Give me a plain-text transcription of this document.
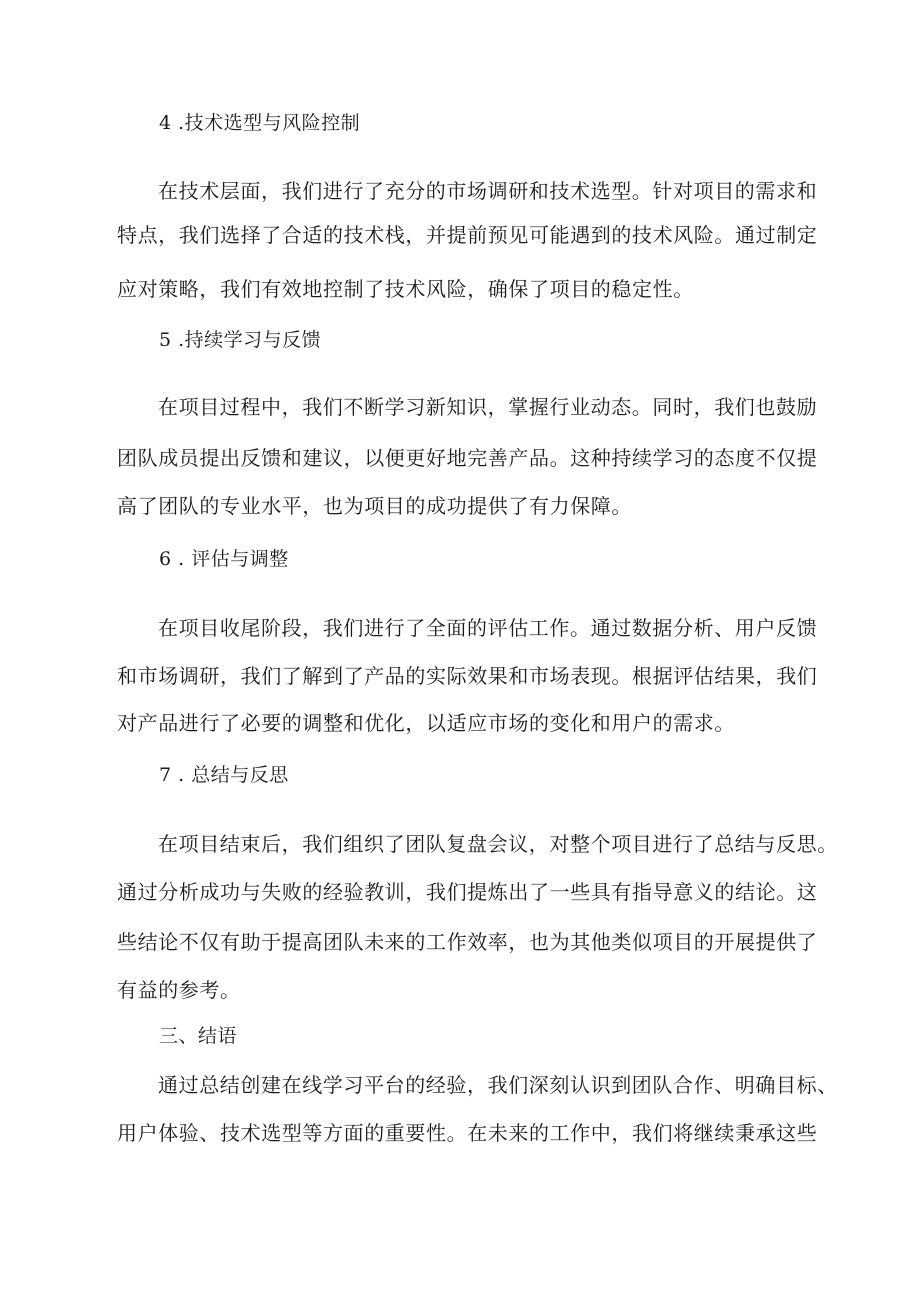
4 .技术选型与风险控制
在技术层面，我们进行了充分的市场调研和技术选型。针对项目的需求和
特点，我们选择了合适的技术栈，并提前预见可能遇到的技术风险。通过制定
应对策略，我们有效地控制了技术风险，确保了项目的稳定性。
5 .持续学习与反馈
在项目过程中，我们不断学习新知识，掌握行业动态。同时，我们也鼓励
团队成员提出反馈和建议，以便更好地完善产品。这种持续学习的态度不仅提
高了团队的专业水平，也为项目的成功提供了有力保障。
6 . 评估与调整
在项目收尾阶段，我们进行了全面的评估工作。通过数据分析、用户反馈
和市场调研，我们了解到了产品的实际效果和市场表现。根据评估结果，我们
对产品进行了必要的调整和优化，以适应市场的变化和用户的需求。
7 . 总结与反思
在项目结束后，我们组织了团队复盘会议，对整个项目进行了总结与反思。
通过分析成功与失败的经验教训，我们提炼出了一些具有指导意义的结论。这
些结论不仅有助于提高团队未来的工作效率，也为其他类似项目的开展提供了
有益的参考。
三、结语
通过总结创建在线学习平台的经验，我们深刻认识到团队合作、明确目标、
用户体验、技术选型等方面的重要性。在未来的工作中，我们将继续秉承这些
